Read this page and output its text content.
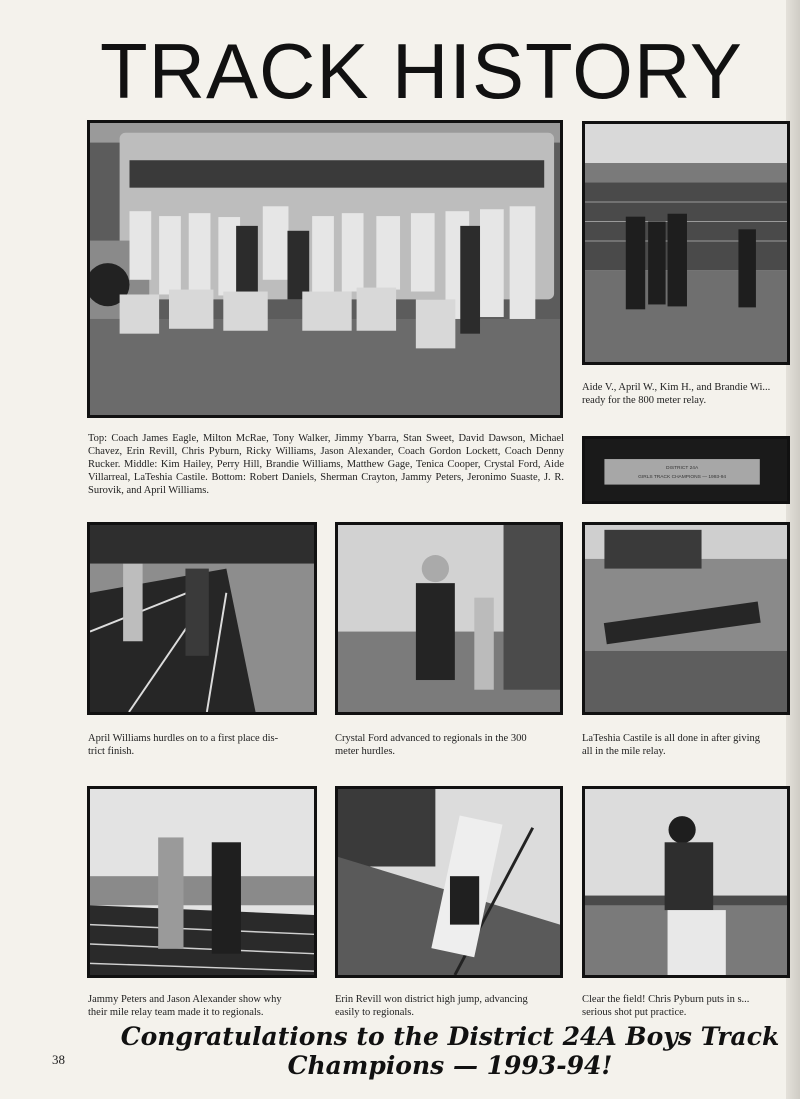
TRACK HISTORY
DISTRICT 24A
GIRLS TRACK CHAMPIONS — 1993-94
Aide V., April W., Kim H., and Brandie Wi... ready for the 800 meter relay.
Top: Coach James Eagle, Milton McRae, Tony Walker, Jimmy Ybarra, Stan Sweet, David Dawson, Michael Chavez, Erin Revill, Chris Pyburn, Ricky Williams, Jason Alexander, Coach Gordon Lockett, Coach Denny Rucker. Middle: Kim Hailey, Perry Hill, Brandie Williams, Matthew Gage, Tenica Cooper, Crystal Ford, Aide Villarreal, LaTeshia Castile. Bottom: Robert Daniels, Sherman Crayton, Jammy Peters, Jeronimo Suaste, J. R. Surovik, and April Williams.
April Williams hurdles on to a first place dis-
trict finish.
Crystal Ford advanced to regionals in the 300
meter hurdles.
LaTeshia Castile is all done in after giving
all in the mile relay.
Jammy Peters and Jason Alexander show why
their mile relay team made it to regionals.
Erin Revill won district high jump, advancing
easily to regionals.
Clear the field! Chris Pyburn puts in s...
serious shot put practice.
38
Congratulations to the District 24A Boys Track
Champions — 1993-94!
